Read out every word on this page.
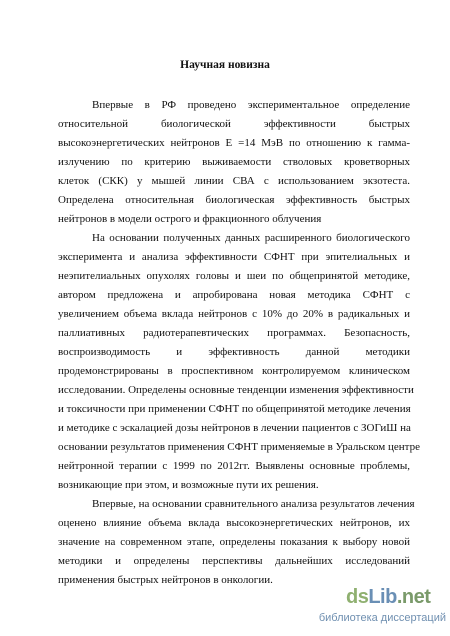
Научная новизна
Впервые в РФ проведено экспериментальное определение
относительной биологической эффективности быстрых
высокоэнергетических нейтронов Е =14 МэВ по отношению к гамма-
излучению по критерию выживаемости стволовых кроветворных
клеток (СКК) у мышей линии СВА с использованием экзотеста.
Определена относительная биологическая эффективность быстрых
нейтронов в модели острого и фракционного облучения
На основании полученных данных расширенного биологического
эксперимента и анализа эффективности СФНТ при эпителиальных и
неэпителиальных опухолях головы и шеи по общепринятой методике,
автором предложена и апробирована новая методика СФНТ с
увеличением объема вклада нейтронов с 10% до 20% в радикальных и
паллиативных радиотерапевтических программах. Безопасность,
воспроизводимость и эффективность данной методики
продемонстрированы в проспективном контролируемом клиническом
исследовании. Определены основные тенденции изменения эффективности
и токсичности при применении СФНТ по общепринятой методике лечения
и методике с эскалацией дозы нейтронов в лечении пациентов с ЗОГиШ на
основании результатов применения СФНТ применяемые в Уральском центре
нейтронной терапии с 1999 по 2012гг. Выявлены основные проблемы,
возникающие при этом, и возможные пути их решения.
Впервые, на основании сравнительного анализа результатов лечения
оценено влияние объема вклада высокоэнергетических нейтронов, их
значение на современном этапе, определены показания к выбору новой
методики и определены перспективы дальнейших исследований
применения быстрых нейтронов в онкологии.
dsLib.net
библиотека диссертаций
